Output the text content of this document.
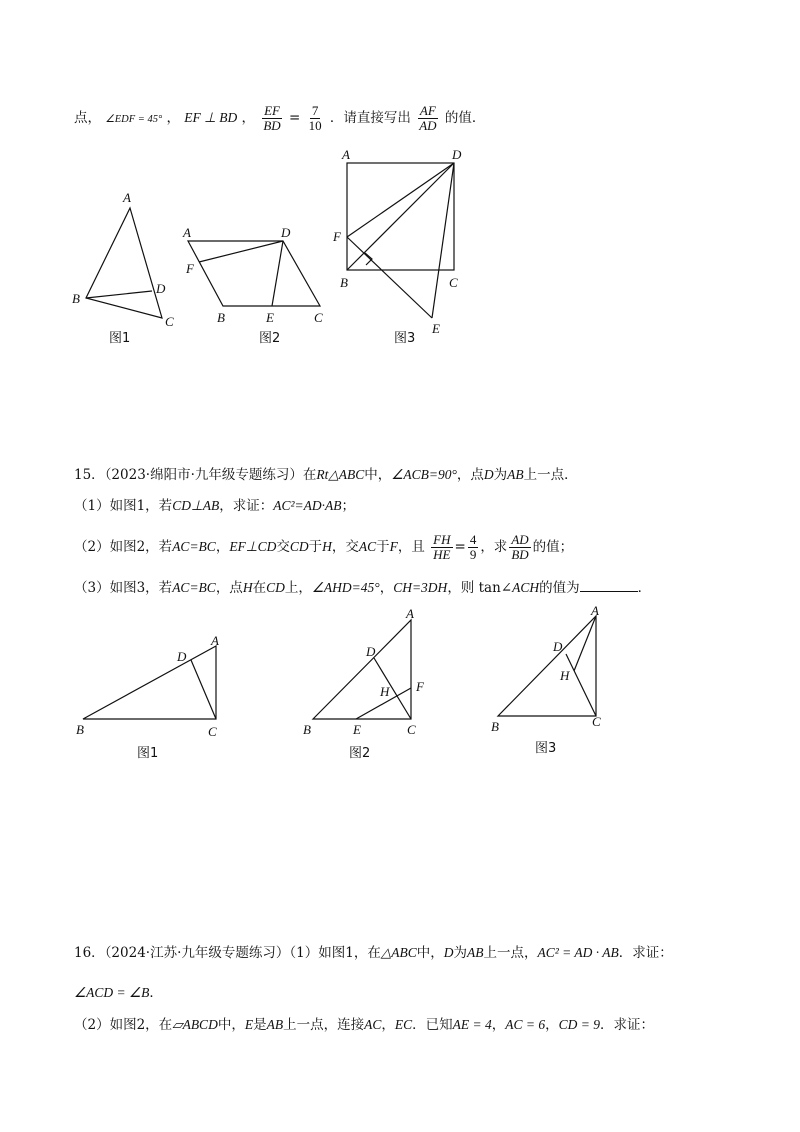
点， ∠EDF = 45° ， EF ⊥ BD ， $\frac{EF}{BD} = \frac{7}{10}$ ．请直接写出 $\frac{AF}{AD}$ 的值．
A
B
D
C
图1
A	D
F
B	E	C
图2
A	D
F
B	C
E
图3
15．（2023·绵阳市·九年级专题练习）在Rt△ABC中，∠ACB=90°，点D为AB上一点．
（1）如图1，若CD⊥AB，求证：AC²=AD·AB；
（2）如图2，若AC=BC，EF⊥CD交CD于H，交AC于F，且 $\frac{FH}{HE} = \frac{4}{9}$ ，求 $\frac{AD}{BD}$ 的值；
（3）如图3，若AC=BC，点H在CD上，∠AHD=45°，CH=3DH，则 tan∠ACH的值为	．
A
D
B	C
图1
A
D
H F
B	E	C
图2
A
D
H
B	C
图3
16．（2024·江苏·九年级专题练习）（1）如图1，在△ABC中，D为AB上一点，AC² = AD · AB．求证：
∠ACD = ∠B．
（2）如图2，在▱ABCD中，E是AB上一点，连接AC，EC．已知AE = 4，AC = 6，CD = 9．求证：
